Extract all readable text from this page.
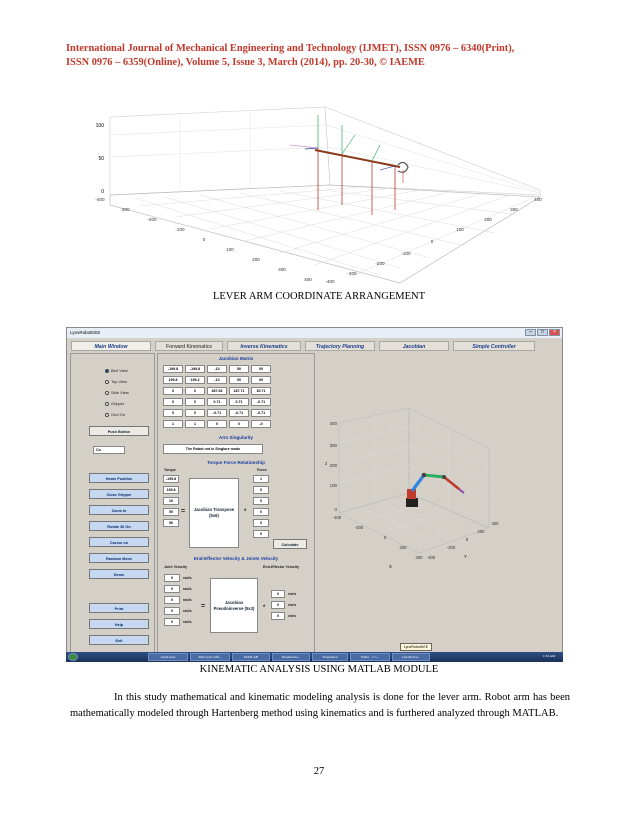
International Journal of Mechanical Engineering and Technology (IJMET), ISSN 0976 – 6340(Print),
ISSN 0976 – 6359(Online), Volume 5, Issue 3, March (2014), pp. 20-30, © IAEME
100
50
0
-400
-300
-200
-100
0
100
200
300
400
400
300
200
100
0
-100
-200
-300
-400
LEVER ARM COORDINATE ARRANGEMENT
LynxRobotKEE	–	□	×
Main Window	Forward Kinematics	Inverse Kinematics	Trajectory Planning	Jacobian	Simple Controller
Bird View
Top View
Side View
Gripper
Grid On
Push Button
Co
Home Position
Close Gripper
Zoom In
Rotate 30 On
Cursor on
Random Move
Demo
Print
Help
Exit
Jacobian Matrix
Arm Singularity
The Robot not in Singlure mode
Torque Force Relationship
Torque	Force
=	Jacobian Transpose (5x6)
*
End-Effector Velocity & Joints Velocity
Joint Velocity	End-Effector Velocity
=
Jacobian Pseudoinverse (5x3)	*
Calculate
400
300
200
100
0
z
-400
-200
0
200
400
X
-400
-200
0
200
400
Y
-199.8	-199.8	-10	50	00
199.8	199.2	-10	50	00
0	0	387.66	187.71	30.71
0	0	0.71	0.71	-0.71
0	0	-0.71	-0.71	-0.71
1	1	0	0	-0
-199.8
199.8
10
50
50
1
0
0
0
0
0
0	rad/s
0	rad/s
0	rad/s
0	rad/s
0	rad/s
0	cm/s
0	cm/s
0	cm/s
translation	Microsoft Offi...	MATLAB	Kinematics...	Translation	Editor - C:\...	LynxRobot...	1:34 AM
LynxRobotKEE
KINEMATIC ANALYSIS USING MATLAB MODULE
In this study mathematical and kinematic modeling analysis is done for the lever arm. Robot arm has been mathematically modeled through Hartenberg method using kinematics and is furthered analyzed through MATLAB.
27
